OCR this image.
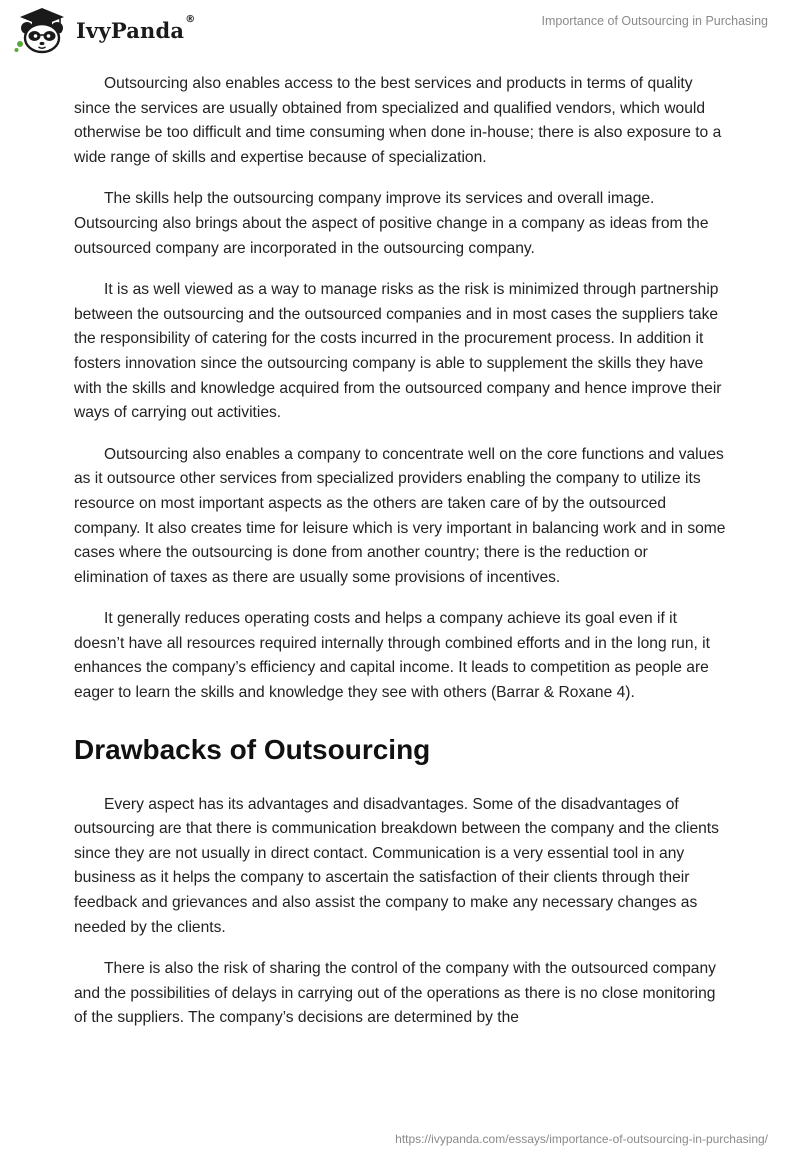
IvyPanda®	Importance of Outsourcing in Purchasing

Outsourcing also enables access to the best services and products in terms of quality since the services are usually obtained from specialized and qualified vendors, which would otherwise be too difficult and time consuming when done in-house; there is also exposure to a wide range of skills and expertise because of specialization.

The skills help the outsourcing company improve its services and overall image. Outsourcing also brings about the aspect of positive change in a company as ideas from the outsourced company are incorporated in the outsourcing company.

It is as well viewed as a way to manage risks as the risk is minimized through partnership between the outsourcing and the outsourced companies and in most cases the suppliers take the responsibility of catering for the costs incurred in the procurement process. In addition it fosters innovation since the outsourcing company is able to supplement the skills they have with the skills and knowledge acquired from the outsourced company and hence improve their ways of carrying out activities.

Outsourcing also enables a company to concentrate well on the core functions and values as it outsource other services from specialized providers enabling the company to utilize its resource on most important aspects as the others are taken care of by the outsourced company. It also creates time for leisure which is very important in balancing work and in some cases where the outsourcing is done from another country; there is the reduction or elimination of taxes as there are usually some provisions of incentives.

It generally reduces operating costs and helps a company achieve its goal even if it doesn’t have all resources required internally through combined efforts and in the long run, it enhances the company’s efficiency and capital income. It leads to competition as people are eager to learn the skills and knowledge they see with others (Barrar & Roxane 4).

Drawbacks of Outsourcing

Every aspect has its advantages and disadvantages. Some of the disadvantages of outsourcing are that there is communication breakdown between the company and the clients since they are not usually in direct contact. Communication is a very essential tool in any business as it helps the company to ascertain the satisfaction of their clients through their feedback and grievances and also assist the company to make any necessary changes as needed by the clients.

There is also the risk of sharing the control of the company with the outsourced company and the possibilities of delays in carrying out of the operations as there is no close monitoring of the suppliers. The company’s decisions are determined by the

https://ivypanda.com/essays/importance-of-outsourcing-in-purchasing/
